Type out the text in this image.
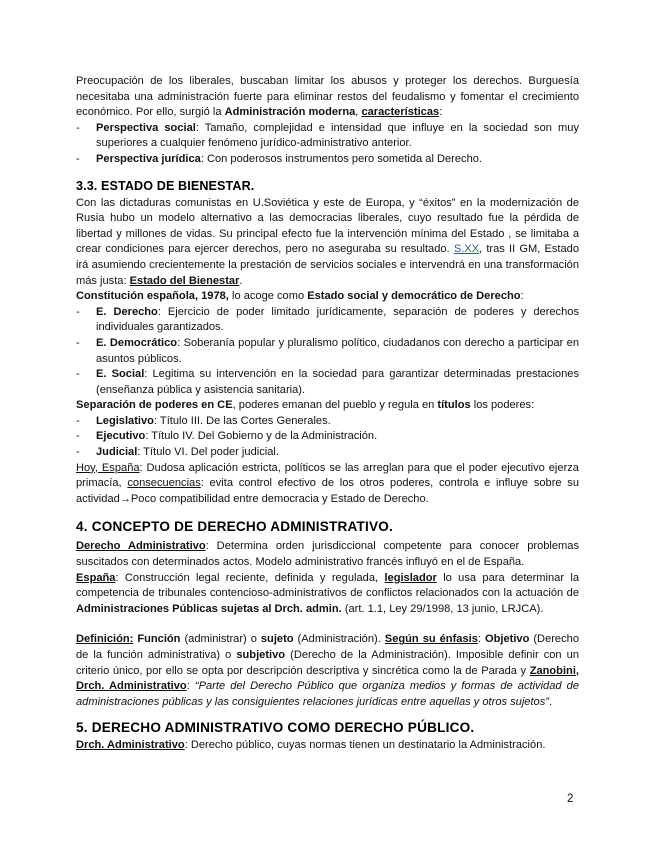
Preocupación de los liberales, buscaban limitar los abusos y proteger los derechos. Burguesía necesitaba una administración fuerte para eliminar restos del feudalismo y fomentar el crecimiento económico. Por ello, surgió la Administración moderna, características:

- Perspectiva social: Tamaño, complejidad e intensidad que influye en la sociedad son muy superiores a cualquier fenómeno jurídico-administrativo anterior.
- Perspectiva jurídica: Con poderosos instrumentos pero sometida al Derecho.
3.3. ESTADO DE BIENESTAR.

Con las dictaduras comunistas en U.Soviética y este de Europa, y “éxitos” en la modernización de Rusia hubo un modelo alternativo a las democracias liberales, cuyo resultado fue la pérdida de libertad y millones de vidas. Su principal efecto fue la intervención mínima del Estado , se limitaba a crear condiciones para ejercer derechos, pero no aseguraba su resultado. S.XX, tras II GM, Estado irá asumiendo crecientemente la prestación de servicios sociales e intervendrá en una transformación más justa: Estado del Bienestar.

Constitución española, 1978, lo acoge como Estado social y democrático de Derecho:

- E. Derecho: Ejercicio de poder limitado jurídicamente, separación de poderes y derechos individuales garantizados.
- E. Democrático: Soberanía popular y pluralismo político, ciudadanos con derecho a participar en asuntos públicos.
- E. Social: Legitima su intervención en la sociedad para garantizar determinadas prestaciones (enseñanza pública y asistencia sanitaria).

Separación de poderes en CE, poderes emanan del pueblo y regula en títulos los poderes:

- Legislativo: Título III. De las Cortes Generales.
- Ejecutivo: Título IV. Del Gobierno y de la Administración.
- Judicial: Título VI. Del poder judicial.

Hoy, España: Dudosa aplicación estricta, políticos se las arreglan para que el poder ejecutivo ejerza primacía, consecuencias: evita control efectivo de los otros poderes, controla e influye sobre su actividad→Poco compatibilidad entre democracia y Estado de Derecho.

4. CONCEPTO DE DERECHO ADMINISTRATIVO.

Derecho Administrativo: Determina orden jurisdiccional competente para conocer problemas suscitados con determinados actos. Modelo administrativo francés influyó en el de España.

España: Construcción legal reciente, definida y regulada, legislador lo usa para determinar la competencia de tribunales contencioso-administrativos de conflictos relacionados con la actuación de Administraciones Públicas sujetas al Drch. admin. (art. 1.1, Ley 29/1998, 13 junio, LRJCA).

Definición: Función (administrar) o sujeto (Administración). Según su énfasis: Objetivo (Derecho de la función administrativa) o subjetivo (Derecho de la Administración). Imposible definir con un criterio único, por ello se opta por descripción descriptiva y sincrética como la de Parada y Zanobini, Drch. Administrativo: “Parte del Derecho Público que organiza medios y formas de actividad de administraciones públicas y las consiguientes relaciones jurídicas entre aquellas y otros sujetos”.

5. DERECHO ADMINISTRATIVO COMO DERECHO PÚBLICO.

Drch. Administrativo: Derecho público, cuyas normas tienen un destinatario la Administración.

2
